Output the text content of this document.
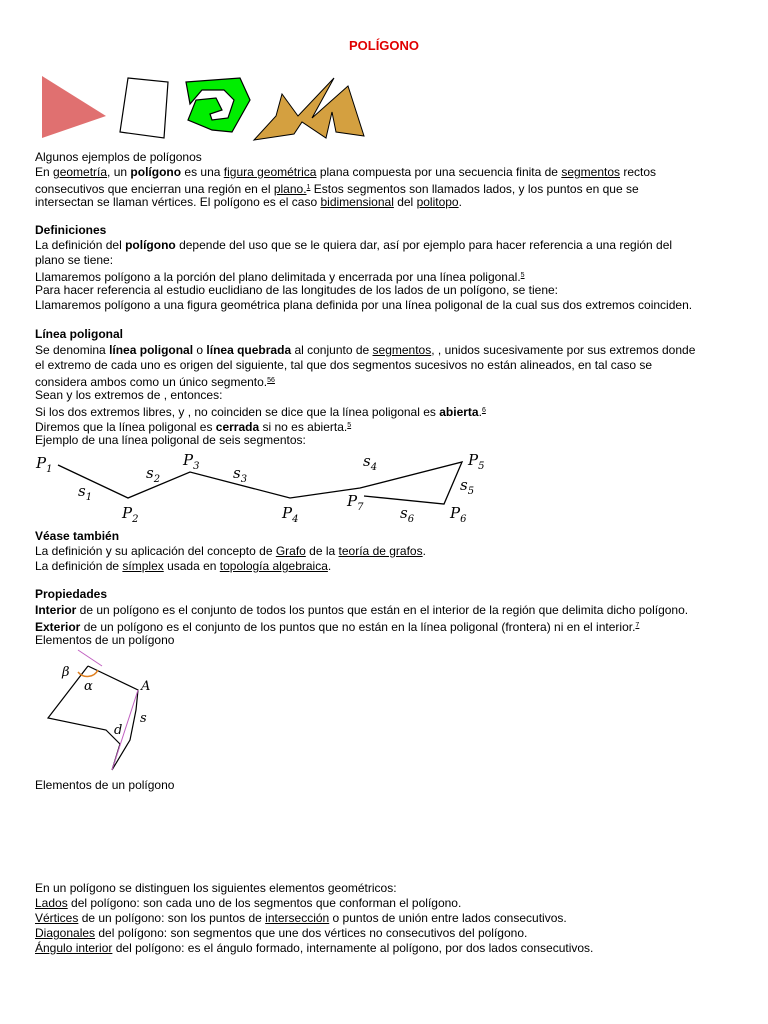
POLÍGONO
Algunos ejemplos de polígonos
En geometría, un polígono es una figura geométrica plana compuesta por una secuencia finita de segmentos rectos
consecutivos que encierran una región en el plano.$^1$ Estos segmentos son llamados lados, y los puntos en que se
intersectan se llaman vértices. El polígono es el caso bidimensional del politopo.
Definiciones
La definición del polígono depende del uso que se le quiera dar, así por ejemplo para hacer referencia a una región del
plano se tiene:
Llamaremos polígono a la porción del plano delimitada y encerrada por una línea poligonal.$^5$
Para hacer referencia al estudio euclidiano de las longitudes de los lados de un polígono, se tiene:
Llamaremos polígono a una figura geométrica plana definida por una línea poligonal de la cual sus dos extremos coinciden.
Línea poligonal
Se denomina línea poligonal o línea quebrada al conjunto de segmentos, , unidos sucesivamente por sus extremos donde
el extremo de cada uno es origen del siguiente, tal que dos segmentos sucesivos no están alineados, en tal caso se
considera ambos como un único segmento.$^{56}$
Sean y los extremos de , entonces:
Si los dos extremos libres, y , no coinciden se dice que la línea poligonal es abierta.$^6$
Diremos que la línea poligonal es cerrada si no es abierta.$^5$
Ejemplo de una línea poligonal de seis segmentos:
$P_1$
$s_1$
$P_2$
$s_2$
$P_3$ $s_3$
$P_4$
$s_4$
$P_7$ $s_6$
$P_5$
$s_5$
$P_6$
Véase también
La definición y su aplicación del concepto de Grafo de la teoría de grafos.
La definición de símplex usada en topología algebraica.
Propiedades
Interior de un polígono es el conjunto de todos los puntos que están en el interior de la región que delimita dicho polígono.
Exterior de un polígono es el conjunto de los puntos que no están en la línea poligonal (frontera) ni en el interior.$^7$
Elementos de un polígono
β
α	A
s
d
Elementos de un polígono
En un polígono se distinguen los siguientes elementos geométricos:
Lados del polígono: son cada uno de los segmentos que conforman el polígono.
Vértices de un polígono: son los puntos de intersección o puntos de unión entre lados consecutivos.
Diagonales del polígono: son segmentos que une dos vértices no consecutivos del polígono.
Ángulo interior del polígono: es el ángulo formado, internamente al polígono, por dos lados consecutivos.
